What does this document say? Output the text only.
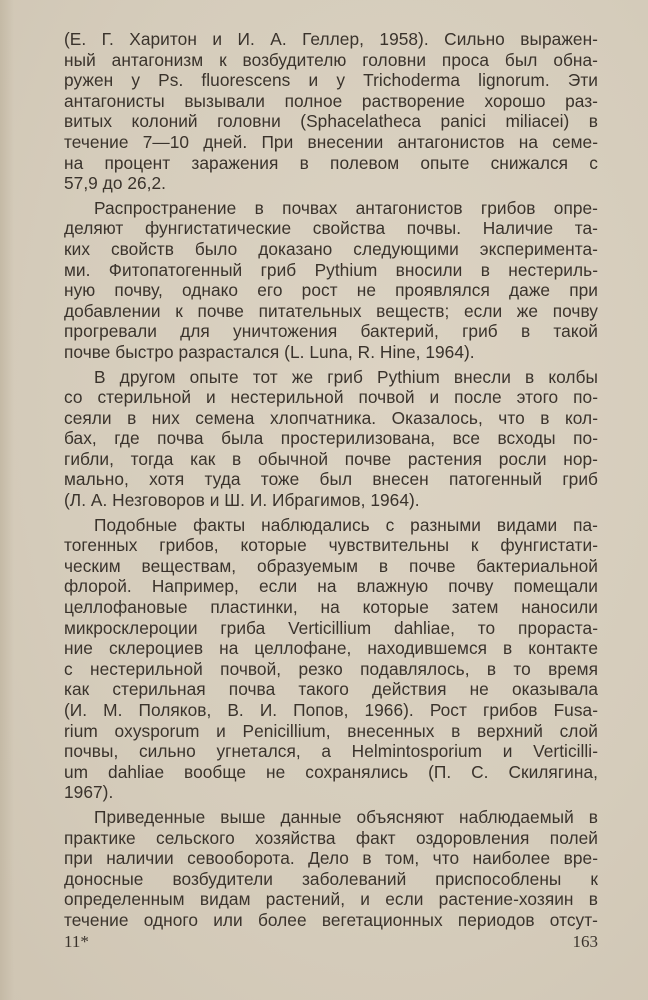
(Е. Г. Харитон и И. А. Геллер, 1958). Сильно выражен-
ный антагонизм к возбудителю головни проса был обна-
ружен у Ps. fluorescens и у Trichoderma lignorum. Эти
антагонисты вызывали полное растворение хорошо раз-
витых колоний головни (Sphacelatheca panici miliacei) в
течение 7—10 дней. При внесении антагонистов на семе-
на процент заражения в полевом опыте снижался с
57,9 до 26,2.
Распространение в почвах антагонистов грибов опре-
деляют фунгистатические свойства почвы. Наличие та-
ких свойств было доказано следующими эксперимента-
ми. Фитопатогенный гриб Pythium вносили в нестериль-
ную почву, однако его рост не проявлялся даже при
добавлении к почве питательных веществ; если же почву
прогревали для уничтожения бактерий, гриб в такой
почве быстро разрастался (L. Luna, R. Hine, 1964).
В другом опыте тот же гриб Pythium внесли в колбы
со стерильной и нестерильной почвой и после этого по-
сеяли в них семена хлопчатника. Оказалось, что в кол-
бах, где почва была простерилизована, все всходы по-
гибли, тогда как в обычной почве растения росли нор-
мально, хотя туда тоже был внесен патогенный гриб
(Л. А. Незговоров и Ш. И. Ибрагимов, 1964).
Подобные факты наблюдались с разными видами па-
тогенных грибов, которые чувствительны к фунгистати-
ческим веществам, образуемым в почве бактериальной
флорой. Например, если на влажную почву помещали
целлофановые пластинки, на которые затем наносили
микросклероции гриба Verticillium dahliae, то прораста-
ние склероциев на целлофане, находившемся в контакте
с нестерильной почвой, резко подавлялось, в то время
как стерильная почва такого действия не оказывала
(И. М. Поляков, В. И. Попов, 1966). Рост грибов Fusa-
rium oxysporum и Penicillium, внесенных в верхний слой
почвы, сильно угнетался, а Helmintosporium и Verticilli-
um dahliae вообще не сохранялись (П. С. Скилягина,
1967).
Приведенные выше данные объясняют наблюдаемый в
практике сельского хозяйства факт оздоровления полей
при наличии севооборота. Дело в том, что наиболее вре-
доносные возбудители заболеваний приспособлены к
определенным видам растений, и если растение-хозяин в
течение одного или более вегетационных периодов отсут-
11*	163
